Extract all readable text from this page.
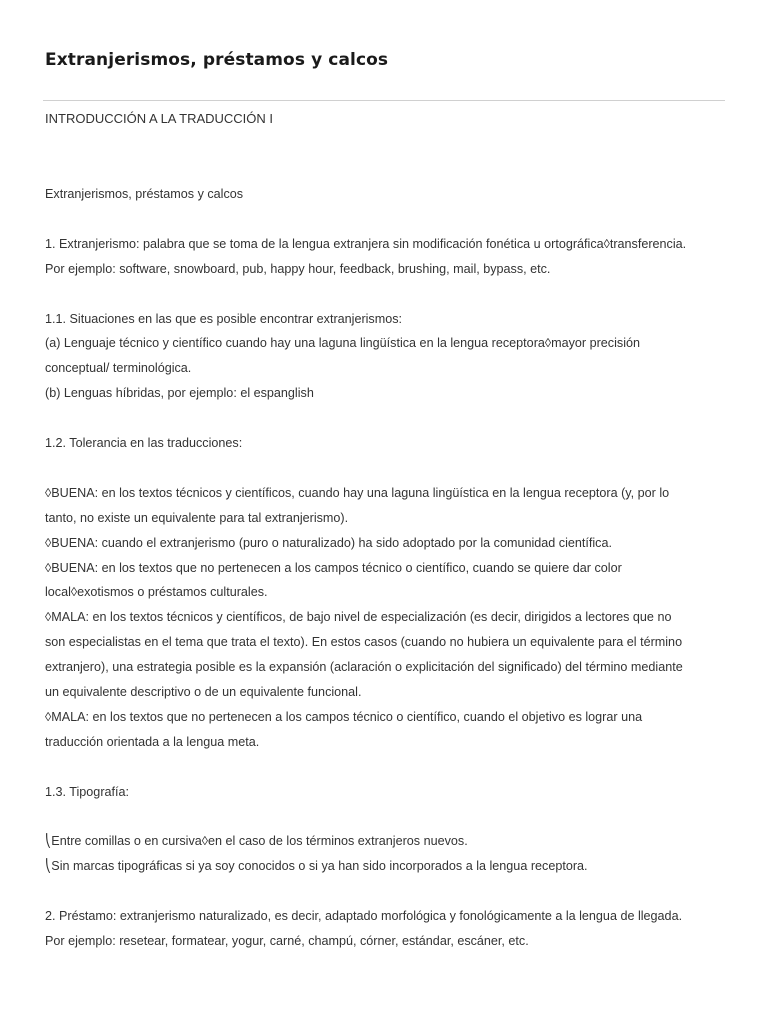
Extranjerismos, préstamos y calcos
INTRODUCCIÓN A LA TRADUCCIÓN I

Extranjerismos, préstamos y calcos

1. Extranjerismo: palabra que se toma de la lengua extranjera sin modificación fonética u ortográfica◊transferencia.

Por ejemplo: software, snowboard, pub, happy hour, feedback, brushing, mail, bypass, etc.

1.1. Situaciones en las que es posible encontrar extranjerismos:

(a) Lenguaje técnico y científico cuando hay una laguna lingüística en la lengua receptora◊mayor precisión

conceptual/ terminológica.

(b) Lenguas híbridas, por ejemplo: el espanglish

1.2. Tolerancia en las traducciones:

◊BUENA: en los textos técnicos y científicos, cuando hay una laguna lingüística en la lengua receptora (y, por lo

tanto, no existe un equivalente para tal extranjerismo).

◊BUENA: cuando el extranjerismo (puro o naturalizado) ha sido adoptado por la comunidad científica.

◊BUENA: en los textos que no pertenecen a los campos técnico o científico, cuando se quiere dar color

local◊exotismos o préstamos culturales.

◊MALA: en los textos técnicos y científicos, de bajo nivel de especialización (es decir, dirigidos a lectores que no

son especialistas en el tema que trata el texto). En estos casos (cuando no hubiera un equivalente para el término

extranjero), una estrategia posible es la expansión (aclaración o explicitación del significado) del término mediante

un equivalente descriptivo o de un equivalente funcional.

◊MALA: en los textos que no pertenecen a los campos técnico o científico, cuando el objetivo es lograr una

traducción orientada a la lengua meta.

1.3. Tipografía:

⎝Entre comillas o en cursiva◊en el caso de los términos extranjeros nuevos.

⎝Sin marcas tipográficas si ya soy conocidos o si ya han sido incorporados a la lengua receptora.

2. Préstamo: extranjerismo naturalizado, es decir, adaptado morfológica y fonológicamente a la lengua de llegada.

Por ejemplo: resetear, formatear, yogur, carné, champú, córner, estándar, escáner, etc.
